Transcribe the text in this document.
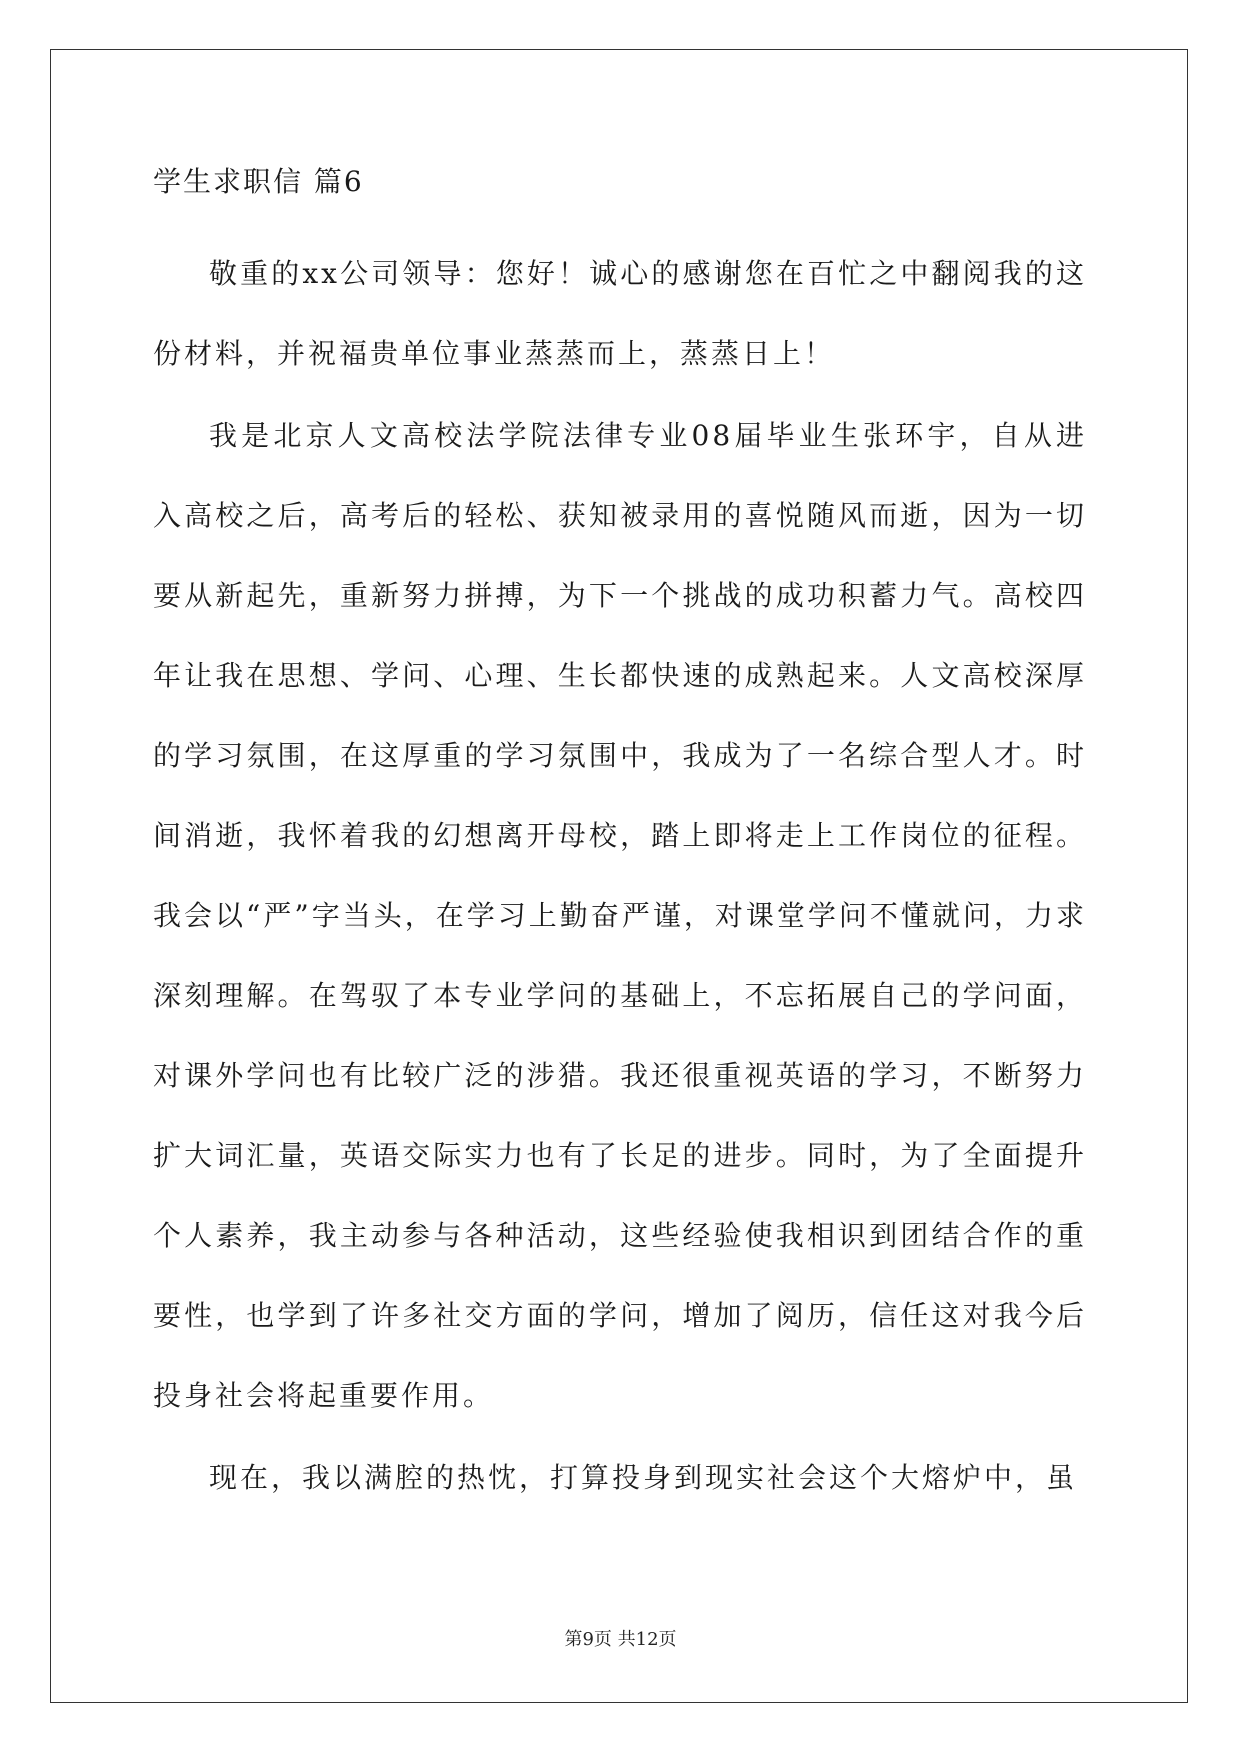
学生求职信 篇6

敬重的xx公司领导：您好！诚心的感谢您在百忙之中翻阅我的这份材料，并祝福贵单位事业蒸蒸而上，蒸蒸日上！

我是北京人文高校法学院法律专业08届毕业生张环宇，自从进入高校之后，高考后的轻松、获知被录用的喜悦随风而逝，因为一切要从新起先，重新努力拼搏，为下一个挑战的成功积蓄力气。高校四年让我在思想、学问、心理、生长都快速的成熟起来。人文高校深厚的学习氛围，在这厚重的学习氛围中，我成为了一名综合型人才。时间消逝，我怀着我的幻想离开母校，踏上即将走上工作岗位的征程。我会以“严”字当头，在学习上勤奋严谨，对课堂学问不懂就问，力求深刻理解。在驾驭了本专业学问的基础上，不忘拓展自己的学问面，对课外学问也有比较广泛的涉猎。我还很重视英语的学习，不断努力扩大词汇量，英语交际实力也有了长足的进步。同时，为了全面提升个人素养，我主动参与各种活动，这些经验使我相识到团结合作的重要性，也学到了许多社交方面的学问，增加了阅历，信任这对我今后投身社会将起重要作用。

现在，我以满腔的热忱，打算投身到现实社会这个大熔炉中，虽

第9页 共12页
